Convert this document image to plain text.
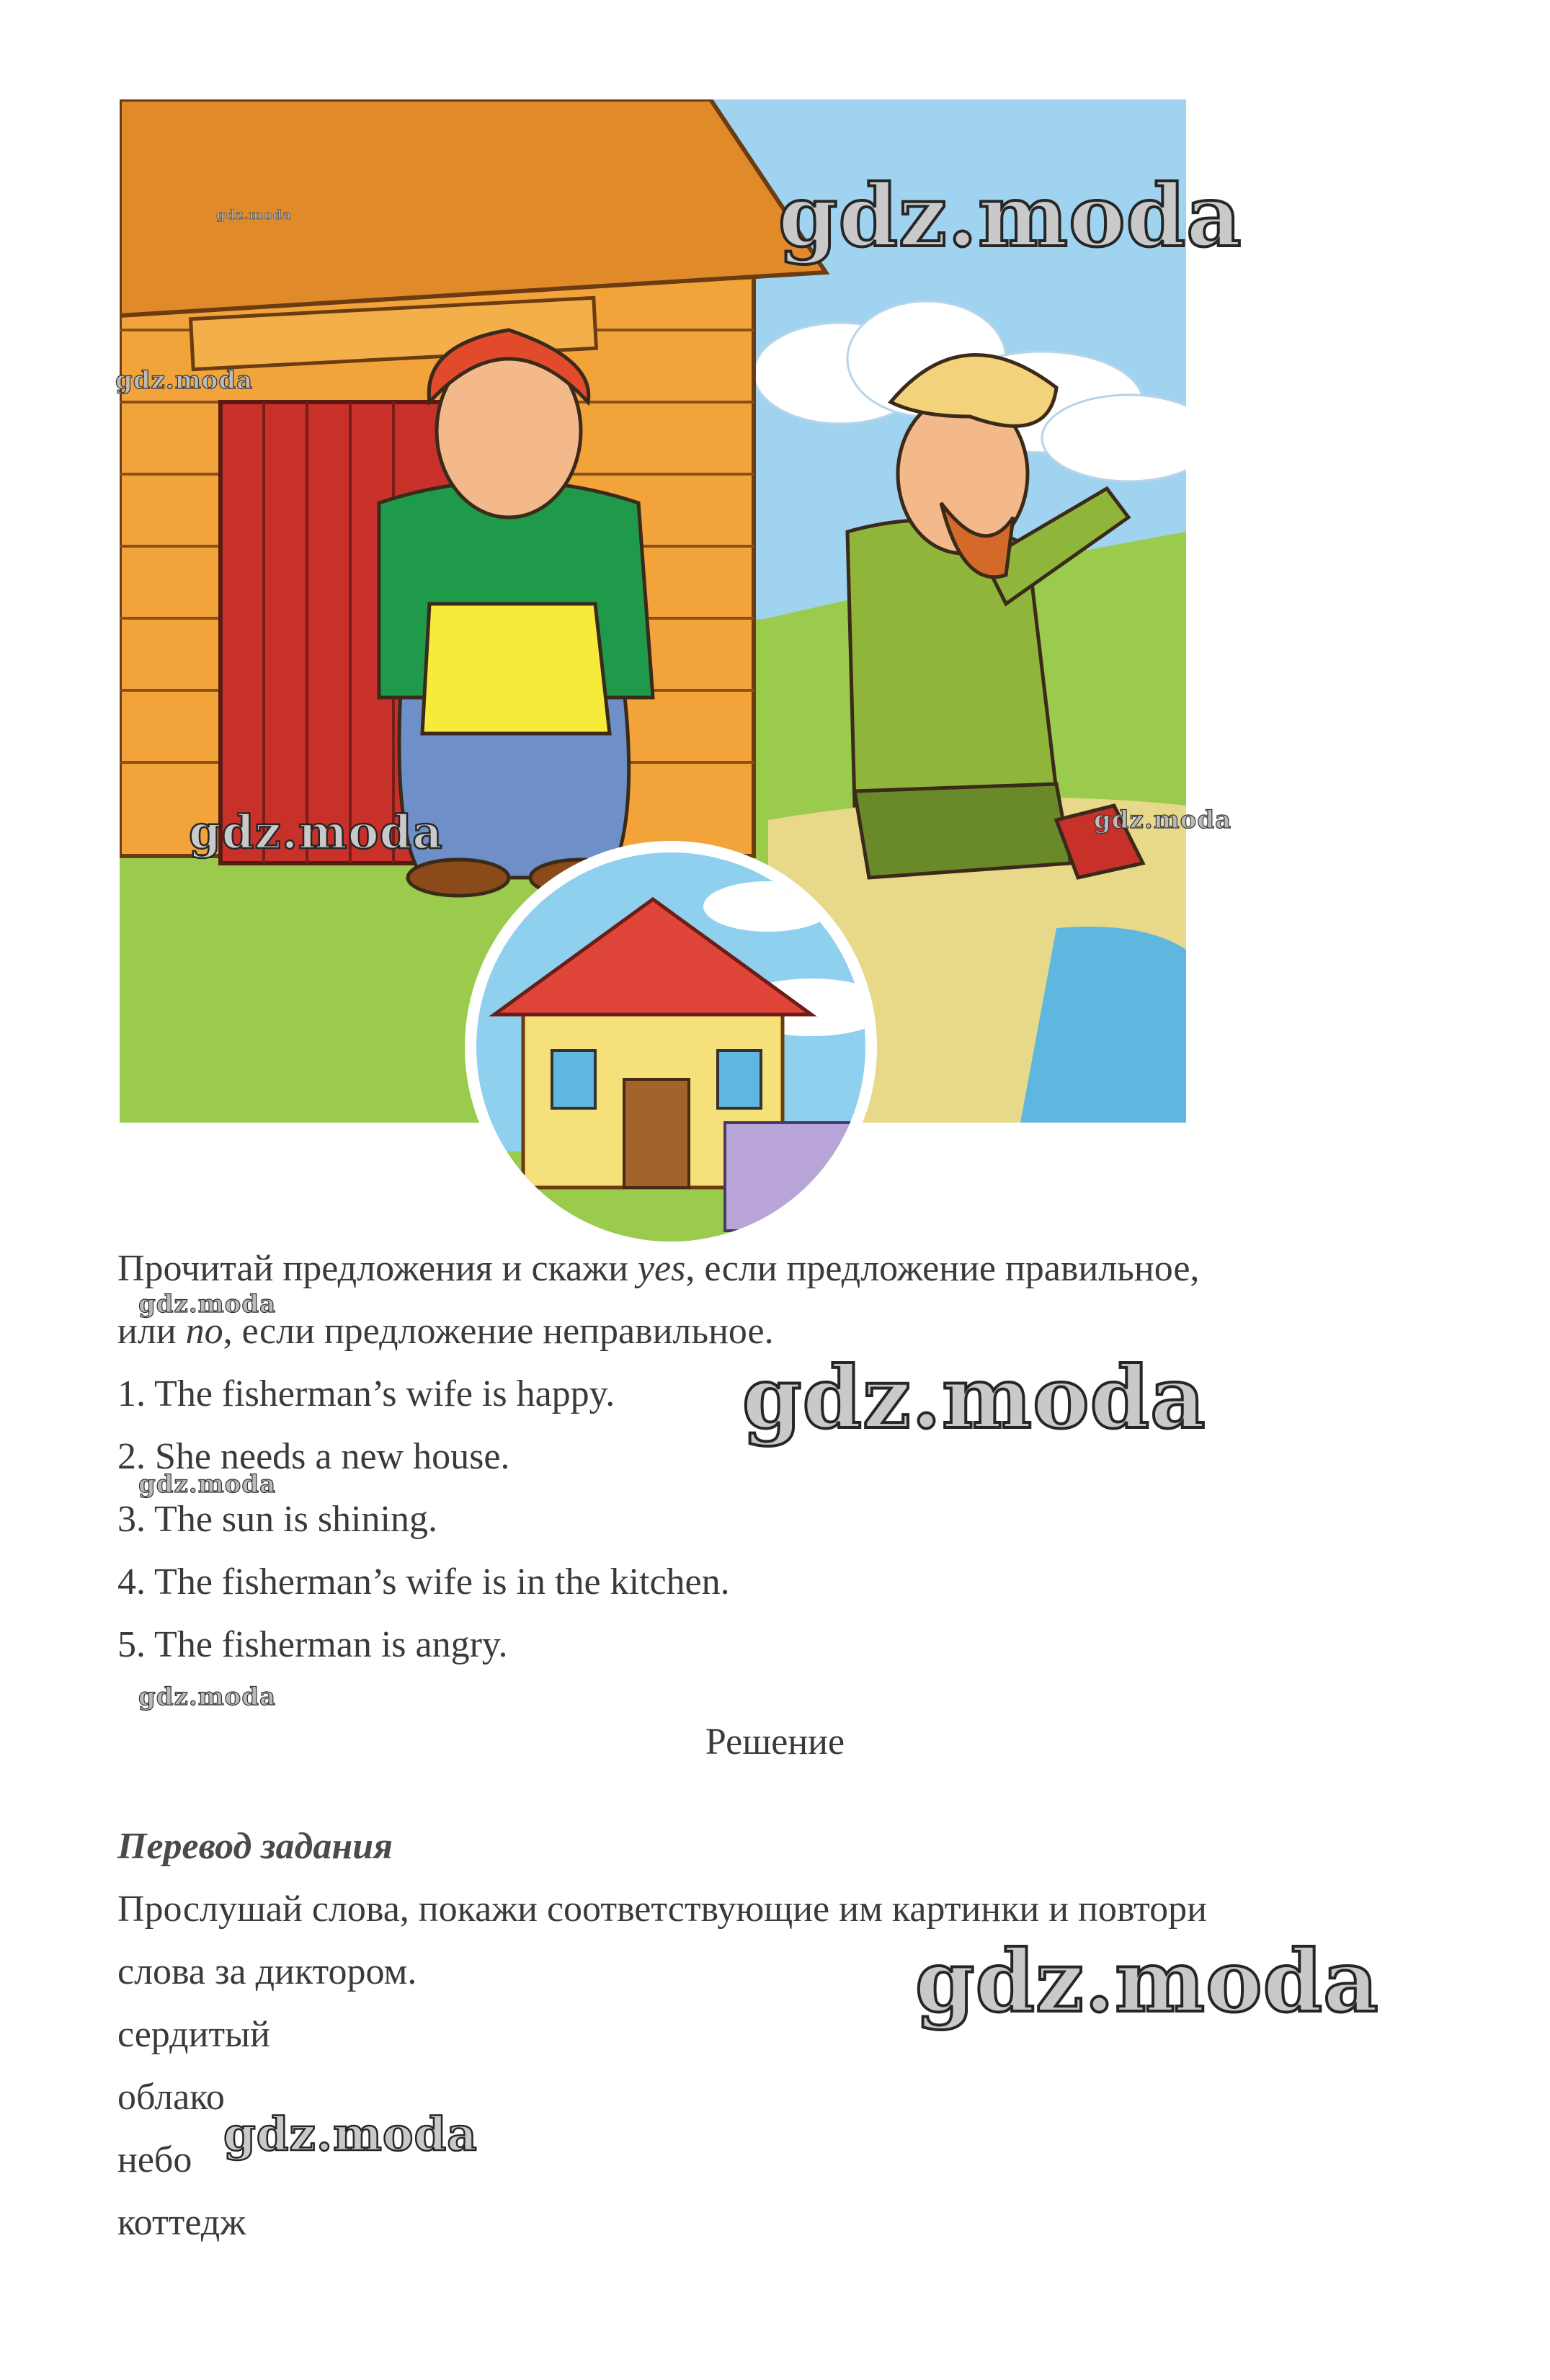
gdz.moda
gdz.moda
gdz.moda
gdz.moda	gdz.moda
Прочитай предложения и скажи yes, если предложение правильное,
gdz.moda
или no, если предложение неправильное.
1. The fisherman’s wife is happy. gdz.moda
2. She needs a new house.
gdz.moda
3. The sun is shining.
4. The fisherman’s wife is in the kitchen.
5. The fisherman is angry.
gdz.moda
Решение
Перевод задания
Прослушай слова, покажи соответствующие им картинки и повтори
слова за диктором.	gdz.moda
сердитый
облако
небо gdz.moda
коттедж
